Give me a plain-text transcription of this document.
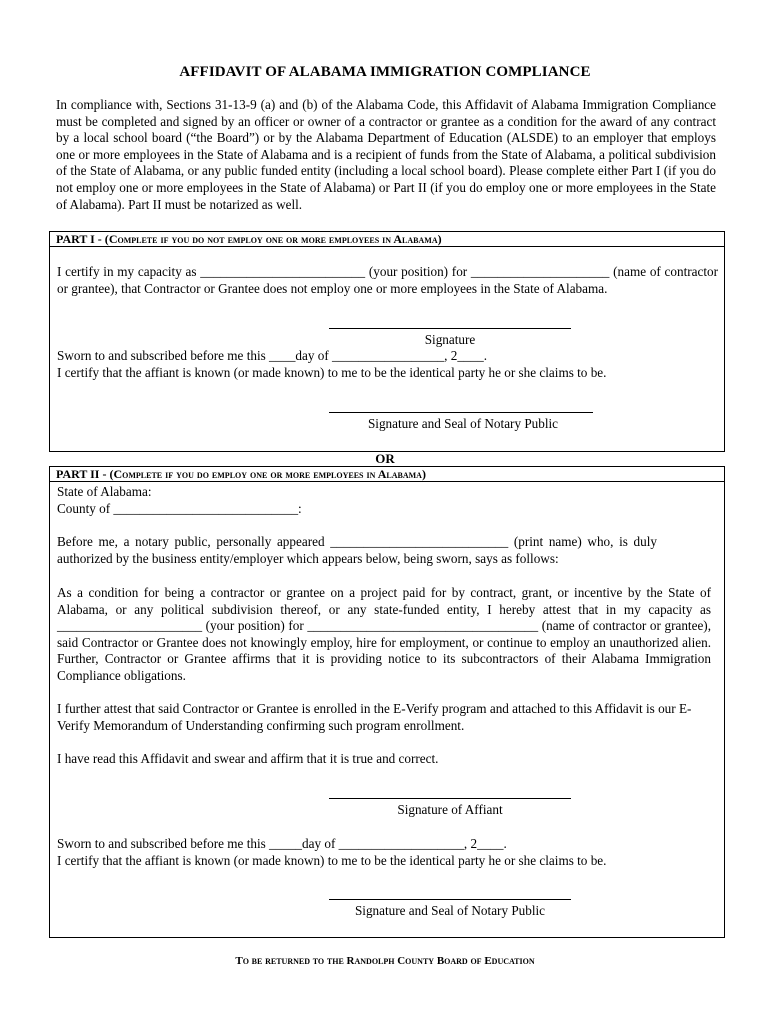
AFFIDAVIT OF ALABAMA IMMIGRATION COMPLIANCE
In compliance with, Sections 31-13-9 (a) and (b) of the Alabama Code, this Affidavit of Alabama Immigration Compliance must be completed and signed by an officer or owner of a contractor or grantee as a condition for the award of any contract by a local school board (“the Board”) or by the Alabama Department of Education (ALSDE) to an employer that employs one or more employees in the State of Alabama and is a recipient of funds from the State of Alabama, a political subdivision of the State of Alabama, or any public funded entity (including a local school board). Please complete either Part I (if you do not employ one or more employees in the State of Alabama) or Part II (if you do employ one or more employees in the State of Alabama). Part II must be notarized as well.
PART I - (Complete if you do not employ one or more employees in Alabama)
I certify in my capacity as _________________________ (your position) for _____________________ (name of contractor or grantee), that Contractor or Grantee does not employ one or more employees in the State of Alabama.
Signature
Sworn to and subscribed before me this ____day of _________________, 2____.
I certify that the affiant is known (or made known) to me to be the identical party he or she claims to be.
Signature and Seal of Notary Public
OR
PART II - (Complete if you do employ one or more employees in Alabama)
State of Alabama:
County of ____________________________:
Before me, a notary public, personally appeared ___________________________ (print name) who, is duly authorized by the business entity/employer which appears below, being sworn, says as follows:
As a condition for being a contractor or grantee on a project paid for by contract, grant, or incentive by the State of Alabama, or any political subdivision thereof, or any state-funded entity, I hereby attest that in my capacity as ______________________ (your position) for ___________________________________ (name of contractor or grantee), said Contractor or Grantee does not knowingly employ, hire for employment, or continue to employ an unauthorized alien. Further, Contractor or Grantee affirms that it is providing notice to its subcontractors of their Alabama Immigration Compliance obligations.
I further attest that said Contractor or Grantee is enrolled in the E-Verify program and attached to this Affidavit is our E-Verify Memorandum of Understanding confirming such program enrollment.
I have read this Affidavit and swear and affirm that it is true and correct.
Signature of Affiant
Sworn to and subscribed before me this _____day of ___________________, 2____.
I certify that the affiant is known (or made known) to me to be the identical party he or she claims to be.
Signature and Seal of Notary Public
To be returned to the Randolph County Board of Education
